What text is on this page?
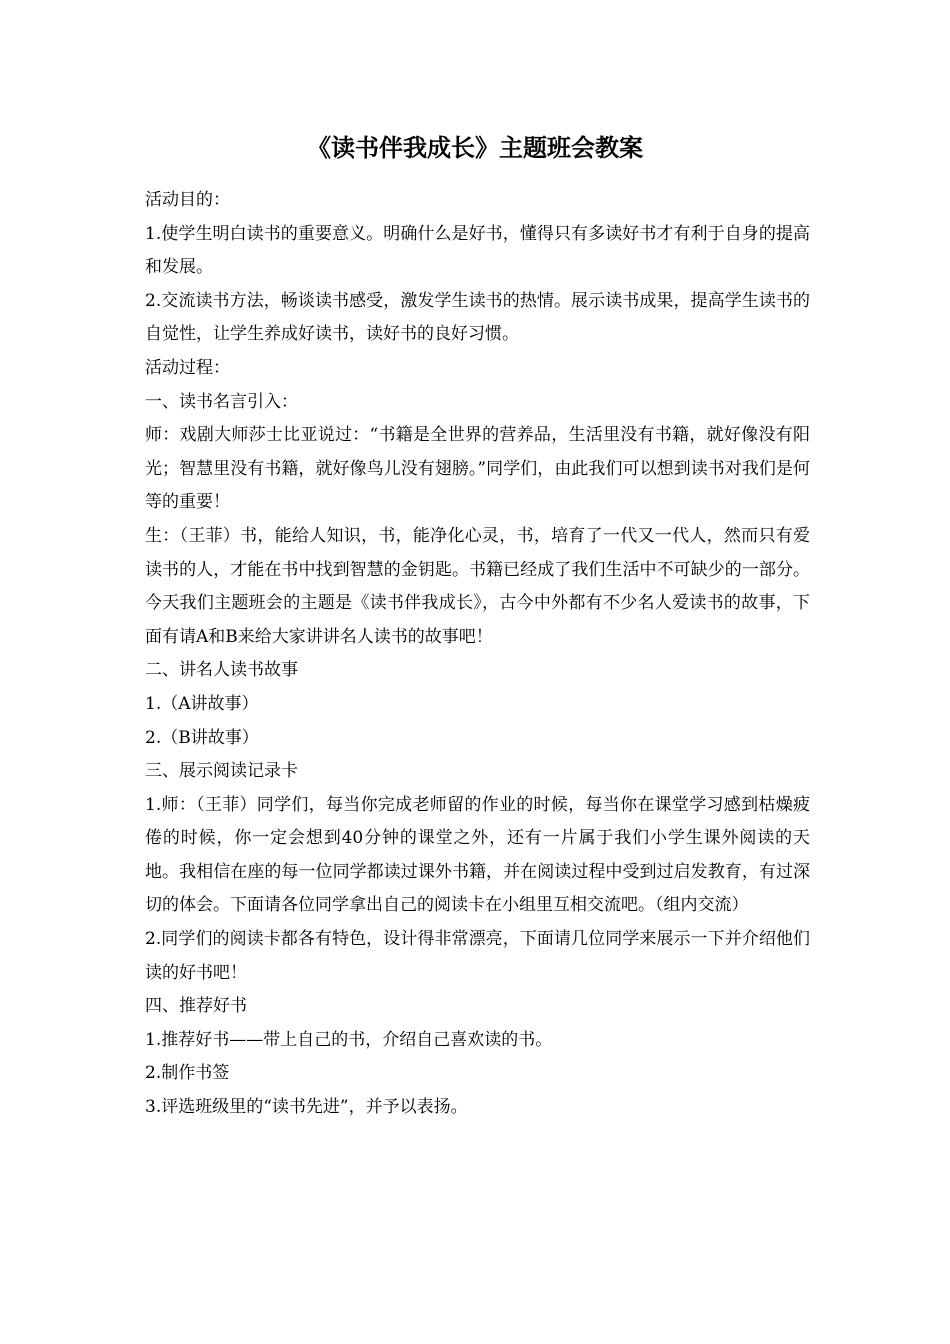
《读书伴我成长》主题班会教案

活动目的：

1.使学生明白读书的重要意义。明确什么是好书，懂得只有多读好书才有利于自身的提高和发展。

2.交流读书方法，畅谈读书感受，激发学生读书的热情。展示读书成果，提高学生读书的自觉性，让学生养成好读书，读好书的良好习惯。

活动过程：

一、读书名言引入：

师：戏剧大师莎士比亚说过：“书籍是全世界的营养品，生活里没有书籍，就好像没有阳光；智慧里没有书籍，就好像鸟儿没有翅膀。”同学们，由此我们可以想到读书对我们是何等的重要！

生：（王菲）书，能给人知识，书，能净化心灵，书，培育了一代又一代人，然而只有爱读书的人，才能在书中找到智慧的金钥匙。书籍已经成了我们生活中不可缺少的一部分。今天我们主题班会的主题是《读书伴我成长》，古今中外都有不少名人爱读书的故事，下面有请A和B来给大家讲讲名人读书的故事吧！

二、讲名人读书故事

1.（A讲故事）

2.（B讲故事）

三、展示阅读记录卡

1.师：（王菲）同学们，每当你完成老师留的作业的时候，每当你在课堂学习感到枯燥疲倦的时候，你一定会想到40分钟的课堂之外，还有一片属于我们小学生课外阅读的天地。我相信在座的每一位同学都读过课外书籍，并在阅读过程中受到过启发教育，有过深切的体会。下面请各位同学拿出自己的阅读卡在小组里互相交流吧。（组内交流）

2.同学们的阅读卡都各有特色，设计得非常漂亮，下面请几位同学来展示一下并介绍他们读的好书吧！

四、推荐好书

1.推荐好书——带上自己的书，介绍自己喜欢读的书。

2.制作书签

3.评选班级里的“读书先进”，并予以表扬。
